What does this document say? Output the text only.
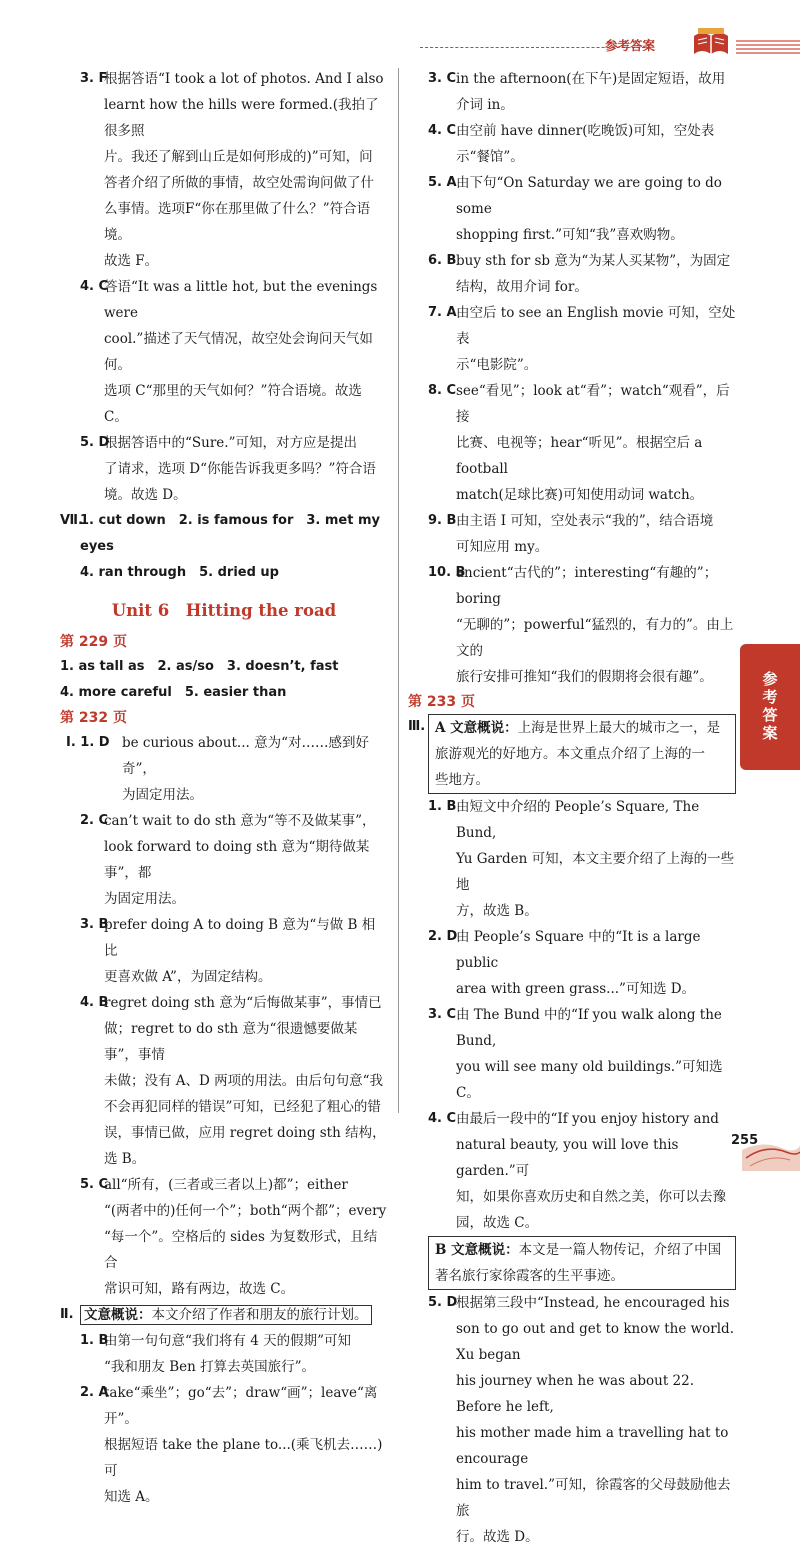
参考答案
3. F
根据答语“I took a lot of photos. And I also
learnt how the hills were formed.(我拍了很多照
片。我还了解到山丘是如何形成的)”可知，问
答者介绍了所做的事情，故空处需询问做了什
么事情。选项F“你在那里做了什么？”符合语境。
故选 F。
4. C
答语“It was a little hot, but the evenings were
cool.”描述了天气情况，故空处会询问天气如何。
选项 C“那里的天气如何？”符合语境。故选 C。
5. D
根据答语中的“Sure.”可知，对方应是提出
了请求，选项 D“你能告诉我更多吗？”符合语
境。故选 D。
Ⅶ.
1. cut down　2. is famous for　3. met my eyes
4. ran through　5. dried up
Unit 6　Hitting the road
第 229 页
1. as tall as　2. as/so　3. doesn’t, fast
4. more careful　5. easier than
第 232 页
Ⅰ. 1. D be curious about... 意为“对……感到好奇”，
为固定用法。
2. C
can’t wait to do sth 意为“等不及做某事”，
look forward to doing sth 意为“期待做某事”，都
为固定用法。
3. B
prefer doing A to doing B 意为“与做 B 相比
更喜欢做 A”，为固定结构。
4. B
regret doing sth 意为“后悔做某事”，事情已
做；regret to do sth 意为“很遗憾要做某事”，事情
未做；没有 A、D 两项的用法。由后句句意“我
不会再犯同样的错误”可知，已经犯了粗心的错
误，事情已做，应用 regret doing sth 结构，选 B。
5. C
all“所有，(三者或三者以上)都”；either
“(两者中的)任何一个”；both“两个都”；every
“每一个”。空格后的 sides 为复数形式，且结合
常识可知，路有两边，故选 C。
Ⅱ. 文意概说：本文介绍了作者和朋友的旅行计划。
1. B
由第一句句意“我们将有 4 天的假期”可知
“我和朋友 Ben 打算去英国旅行”。
2. A
take“乘坐”；go“去”；draw“画”；leave“离开”。
根据短语 take the plane to...(乘飞机去……)可
知选 A。
3. C in the afternoon(在下午)是固定短语，故用
介词 in。
4. C 由空前 have dinner(吃晚饭)可知，空处表
示“餐馆”。
5. A 由下句“On Saturday we are going to do some
shopping first.”可知“我”喜欢购物。
6. B buy sth for sb 意为“为某人买某物”，为固定
结构，故用介词 for。
7. A 由空后 to see an English movie 可知，空处表
示“电影院”。
8. C see“看见”；look at“看”；watch“观看”，后接
比赛、电视等；hear“听见”。根据空后 a football
match(足球比赛)可知使用动词 watch。
9. B 由主语 I 可知，空处表示“我的”，结合语境
可知应用 my。
10. B
ancient“古代的”；interesting“有趣的”；boring
“无聊的”；powerful“猛烈的，有力的”。由上文的
旅行安排可推知“我们的假期将会很有趣”。
第 233 页
Ⅲ. A 文意概说：上海是世界上最大的城市之一，是
旅游观光的好地方。本文重点介绍了上海的一
些地方。
1. B 由短文中介绍的 People’s Square, The Bund,
Yu Garden 可知，本文主要介绍了上海的一些地
方，故选 B。
2. D
由 People’s Square 中的“It is a large public
area with green grass...”可知选 D。
3. C 由 The Bund 中的“If you walk along the Bund,
you will see many old buildings.”可知选 C。
4. C 由最后一段中的“If you enjoy history and
natural beauty, you will love this garden.”可
知，如果你喜欢历史和自然之美，你可以去豫
园，故选 C。
B 文意概说：本文是一篇人物传记，介绍了中国
著名旅行家徐霞客的生平事迹。
5. D
根据第三段中“Instead, he encouraged his
son to go out and get to know the world. Xu began
his journey when he was about 22. Before he left,
his mother made him a travelling hat to encourage
him to travel.”可知，徐霞客的父母鼓励他去旅
行。故选 D。
参考答案
255
